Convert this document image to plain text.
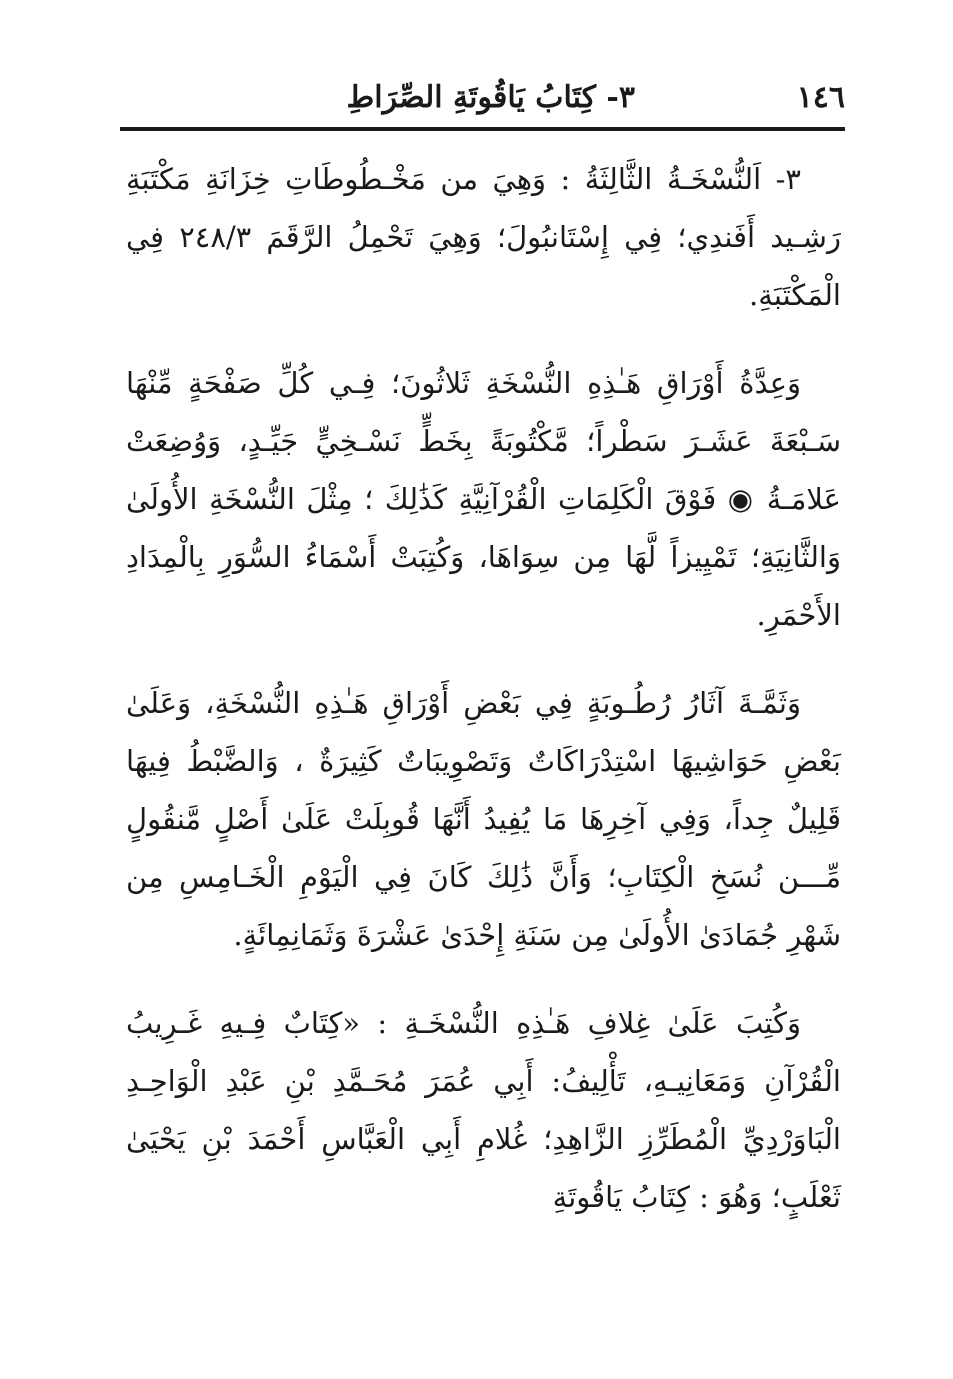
١٤٦
٣- كِتَابُ يَاقُوتَةِ الصِّرَاطِ

٣- اَلنُّسْخَـةُ الثَّالِثَةُ : وَهِيَ من مَخْـطُوطَاتِ خِزَانَةِ مَكْتَبَةِ رَشِـيد أَفَندِي؛ فِي إِسْتَانبُولَ؛ وَهِيَ تَحْمِلُ الرَّقَمَ ٢٤٨/٣ فِي الْمَكْتَبَةِ.

وَعِدَّةُ أَوْرَاقِ هَـٰذِهِ النُّسْخَةِ ثَلاثُونَ؛ فِـي كُلِّ صَفْحَةٍ مِّنْهَا سَـبْعَةَ عَشَـرَ سَطْراً؛ مَّكْتُوبَةً بِخَطٍّ نَسْـخِيٍّ جَيِّـدٍ، وَوُضِعَتْ عَلامَـةُ ◉ فَوْقَ الْكَلِمَاتِ الْقُرْآنِيَّةِ كَذَٰلِكَ ؛ مِثْلَ النُّسْخَةِ الأُولَىٰ وَالثَّانِيَةِ؛ تَمْيِيزاً لَّهَا مِن سِوَاهَا، وَكُتِبَتْ أَسْمَاءُ السُّوَرِ بِالْمِدَادِ الأَحْمَرِ.

وَثَمَّـةَ آثَارُ رُطُـوبَةٍ فِي بَعْضِ أَوْرَاقِ هَـٰذِهِ النُّسْخَةِ، وَعَلَىٰ بَعْضِ حَوَاشِيهَا اسْتِدْرَاكَاتٌ وَتَصْوِيبَاتٌ كَثِيرَةٌ ، وَالضَّبْطُ فِيهَا قَلِيلٌ جِداً، وَفِي آخِرِهَا مَا يُفِيدُ أَنَّهَا قُوبِلَتْ عَلَىٰ أَصْلٍ مَّنقُولٍ مِّـــن نُسَخِ الْكِتَابِ؛ وَأَنَّ ذَٰلِكَ كَانَ فِي الْيَوْمِ الْخَـامِسِ مِن شَهْرِ جُمَادَىٰ الأُولَىٰ مِن سَنَةِ إِحْدَىٰ عَشْرَةَ وَثَمَانِمِائَةٍ.

وَكُتِبَ عَلَىٰ غِلافِ هَـٰذِهِ النُّسْخَـةِ : «كِتَابٌ فِـيهِ غَـرِيبُ الْقُرْآنِ وَمَعَانِيـهِ، تَأْلِيفُ: أَبِي عُمَرَ مُحَـمَّدِ بْنِ عَبْدِ الْوَاحِـدِ الْبَاوَرْدِيِّ الْمُطَرِّزِ الزَّاهِدِ؛ غُلامِ أَبِي الْعَبَّاسِ أَحْمَدَ بْنِ يَحْيَىٰ ثَعْلَبٍ؛ وَهُوَ : كِتَابُ يَاقُوتَةِ
